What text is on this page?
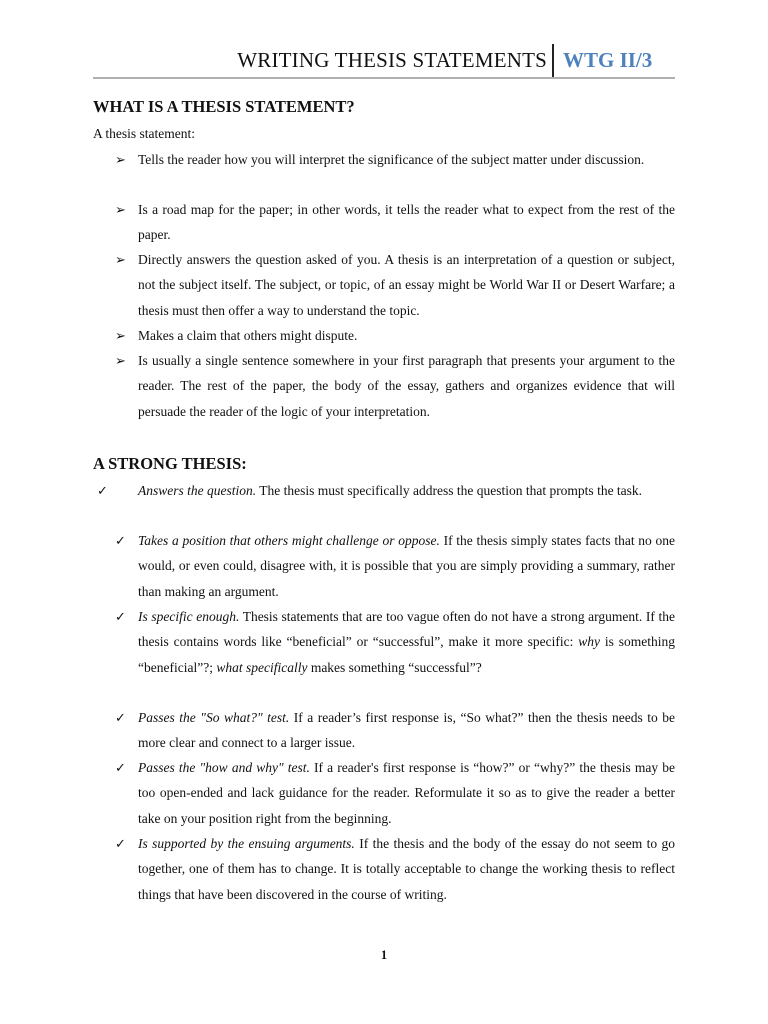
WRITING THESIS STATEMENTS WTG II/3
WHAT IS A THESIS STATEMENT?
A thesis statement:
➢ Tells the reader how you will interpret the significance of the subject matter under discussion.
➢ Is a road map for the paper; in other words, it tells the reader what to expect from the rest of the paper.
➢ Directly answers the question asked of you. A thesis is an interpretation of a question or subject, not the subject itself. The subject, or topic, of an essay might be World War II or Desert Warfare; a thesis must then offer a way to understand the topic.
➢ Makes a claim that others might dispute.
➢ Is usually a single sentence somewhere in your first paragraph that presents your argument to the reader. The rest of the paper, the body of the essay, gathers and organizes evidence that will persuade the reader of the logic of your interpretation.
A STRONG THESIS:
✓ Answers the question. The thesis must specifically address the question that prompts the task.
✓ Takes a position that others might challenge or oppose. If the thesis simply states facts that no one would, or even could, disagree with, it is possible that you are simply providing a summary, rather than making an argument.
✓ Is specific enough. Thesis statements that are too vague often do not have a strong argument. If the thesis contains words like “beneficial” or “successful”, make it more specific: why is something “beneficial”?; what specifically makes something “successful”?
✓ Passes the "So what?" test. If a reader’s first response is, “So what?” then the thesis needs to be more clear and connect to a larger issue.
✓ Passes the "how and why" test. If a reader's first response is “how?” or “why?” the thesis may be too open-ended and lack guidance for the reader. Reformulate it so as to give the reader a better take on your position right from the beginning.
✓ Is supported by the ensuing arguments. If the thesis and the body of the essay do not seem to go together, one of them has to change. It is totally acceptable to change the working thesis to reflect things that have been discovered in the course of writing.
1
